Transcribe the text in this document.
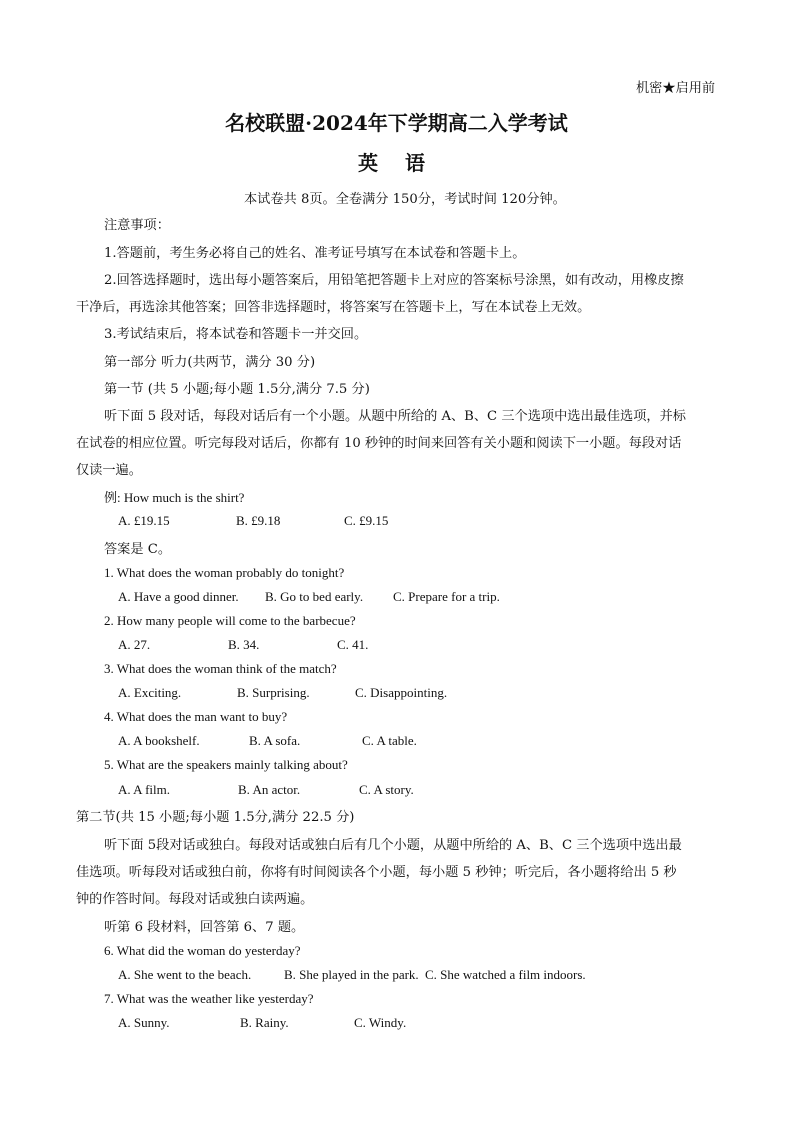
机密★启用前
名校联盟·2024年下学期高二入学考试
英 语
本试卷共 8页。全卷满分 150分，考试时间 120分钟。
注意事项：
1.答题前，考生务必将自己的姓名、准考证号填写在本试卷和答题卡上。
2.回答选择题时，选出每小题答案后，用铅笔把答题卡上对应的答案标号涂黑，如有改动，用橡皮擦
干净后，再选涂其他答案；回答非选择题时，将答案写在答题卡上，写在本试卷上无效。
3.考试结束后，将本试卷和答题卡一并交回。
第一部分 听力(共两节，满分 30 分)
第一节 (共 5 小题;每小题 1.5分,满分 7.5 分)
听下面 5 段对话，每段对话后有一个小题。从题中所给的 A、B、C 三个选项中选出最佳选项，并标
在试卷的相应位置。听完每段对话后，你都有 10 秒钟的时间来回答有关小题和阅读下一小题。每段对话
仅读一遍。
例: How much is the shirt?
A. £19.15	B. £9.18	C. £9.15
答案是 C。
1. What does the woman probably do tonight?
A. Have a good dinner. B. Go to bed early. C. Prepare for a trip.
2. How many people will come to the barbecue?
A. 27.	B. 34.	C. 41.
3. What does the woman think of the match?
A. Exciting.	B. Surprising.	C. Disappointing.
4. What does the man want to buy?
A. A bookshelf.	B. A sofa.	C. A table.
5. What are the speakers mainly talking about?
A. A film.	B. An actor.	C. A story.
第二节(共 15 小题;每小题 1.5分,满分 22.5 分)
听下面 5段对话或独白。每段对话或独白后有几个小题，从题中所给的 A、B、C 三个选项中选出最
佳选项。听每段对话或独白前，你将有时间阅读各个小题，每小题 5 秒钟；听完后，各小题将给出 5 秒
钟的作答时间。每段对话或独白读两遍。
听第 6 段材料，回答第 6、7 题。
6. What did the woman do yesterday?
A. She went to the beach.	B. She played in the park. C. She watched a film indoors.
7. What was the weather like yesterday?
A. Sunny.	B. Rainy.	C. Windy.
